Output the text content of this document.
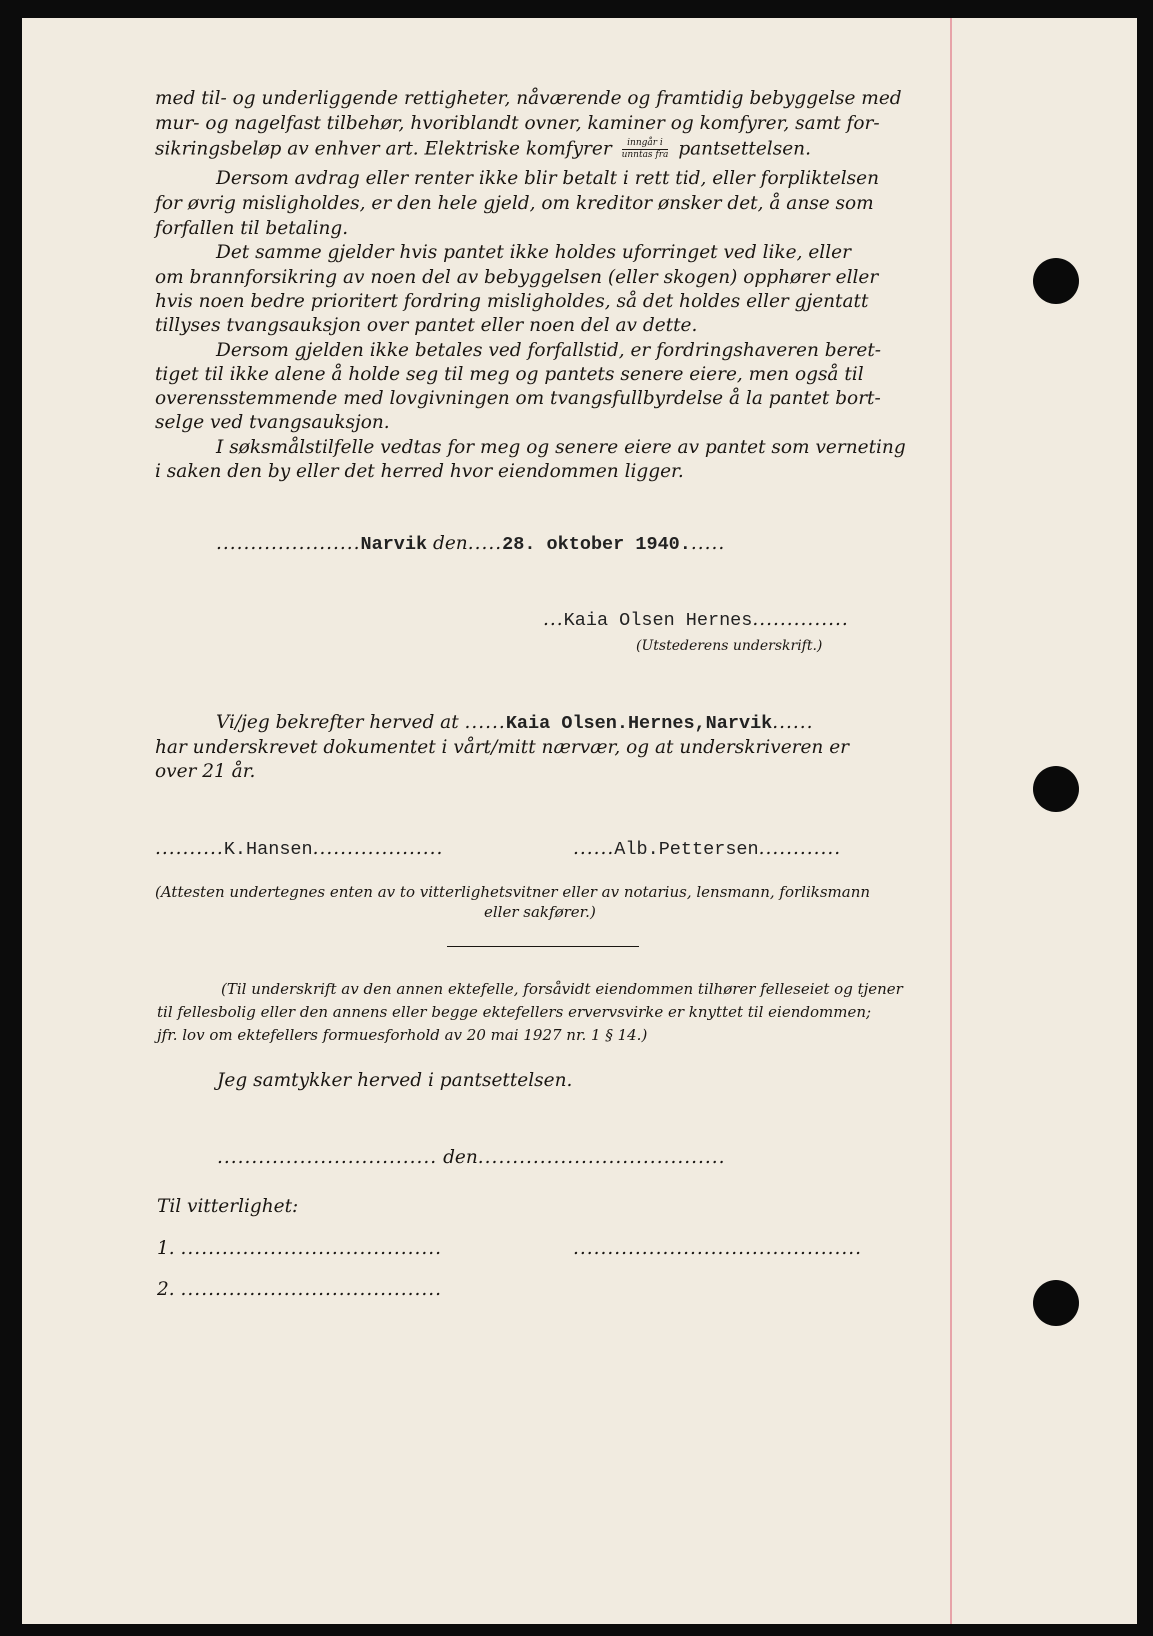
med til- og underliggende rettigheter, nåværende og framtidig bebyggelse med
mur- og nagelfast tilbehør, hvoriblandt ovner, kaminer og komfyrer, samt for-
sikringsbeløp av enhver art. Elektriske komfyrer $\frac{\text{inngår i}}{\text{unntas fra}}$ pantsettelsen.
Dersom avdrag eller renter ikke blir betalt i rett tid, eller forpliktelsen
for øvrig misligholdes, er den hele gjeld, om kreditor ønsker det, å anse som
forfallen til betaling.
Det samme gjelder hvis pantet ikke holdes uforringet ved like, eller
om brannforsikring av noen del av bebyggelsen (eller skogen) opphører eller
hvis noen bedre prioritert fordring misligholdes, så det holdes eller gjentatt
tillyses tvangsauksjon over pantet eller noen del av dette.
Dersom gjelden ikke betales ved forfallstid, er fordringshaveren beret-
tiget til ikke alene å holde seg til meg og pantets senere eiere, men også til
overensstemmende med lovgivningen om tvangsfullbyrdelse å la pantet bort-
selge ved tvangsauksjon.
I søksmålstilfelle vedtas for meg og senere eiere av pantet som verneting
i saken den by eller det herred hvor eiendommen ligger.
.....................Narvik den.....28. oktober 1940......
...Kaia Olsen Hernes..............
(Utstederens underskrift.)
Vi/jeg bekrefter herved at ......Kaia Olsen.Hernes,Narvik......
har underskrevet dokumentet i vårt/mitt nærvær, og at underskriveren er
over 21 år.
..........K.Hansen...................	......Alb.Pettersen............
(Attesten undertegnes enten av to vitterlighetsvitner eller av notarius, lensmann, forliksmann
eller sakfører.)
(Til underskrift av den annen ektefelle, forsåvidt eiendommen tilhører felleseiet og tjener
til fellesbolig eller den annens eller begge ektefellers ervervsvirke er knyttet til eiendommen;
jfr. lov om ektefellers formuesforhold av 20 mai 1927 nr. 1 § 14.)
Jeg samtykker herved i pantsettelsen.
................................ den....................................
Til vitterlighet:
1. ......................................	..........................................
2. ......................................
